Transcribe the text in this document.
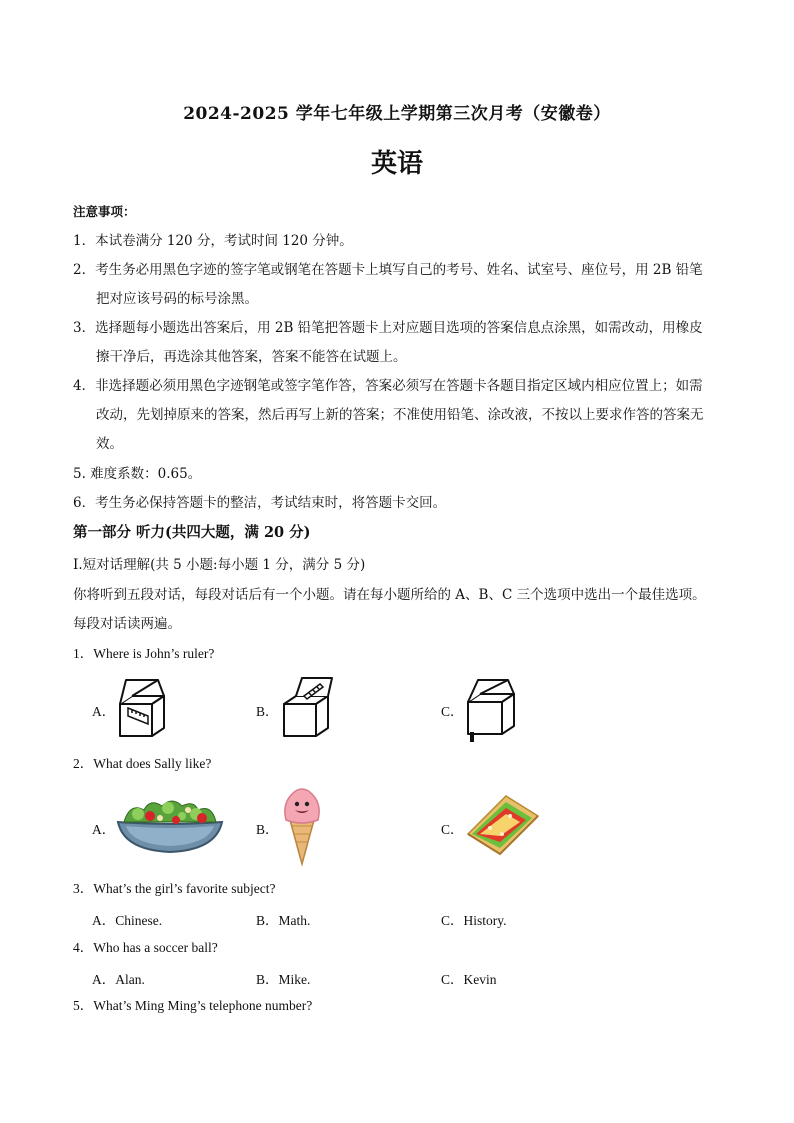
2024-2025 学年七年级上学期第三次月考（安徽卷）
英语
注意事项：
1．本试卷满分 120 分，考试时间 120 分钟。
2．考生务必用黑色字迹的签字笔或钢笔在答题卡上填写自己的考号、姓名、试室号、座位号，用 2B 铅笔
把对应该号码的标号涂黑。
3．选择题每小题选出答案后，用 2B 铅笔把答题卡上对应题目选项的答案信息点涂黑，如需改动，用橡皮
擦干净后，再选涂其他答案，答案不能答在试题上。
4．非选择题必须用黑色字迹钢笔或签字笔作答，答案必须写在答题卡各题目指定区域内相应位置上；如需
改动，先划掉原来的答案，然后再写上新的答案；不准使用铅笔、涂改液，不按以上要求作答的答案无
效。
5. 难度系数：0.65。
6．考生务必保持答题卡的整洁，考试结束时，将答题卡交回。
第一部分 听力(共四大题，满 20 分)
Ⅰ.短对话理解(共 5 小题:每小题 1 分，满分 5 分)
你将听到五段对话，每段对话后有一个小题。请在每小题所给的 A、B、C 三个选项中选出一个最佳选项。
每段对话读两遍。
1．Where is John’s ruler?
A．	B．	C．
2．What does Sally like?
A．	B．	C．
3．What’s the girl’s favorite subject?
A．Chinese.	B．Math.	C．History.
4．Who has a soccer ball?
A．Alan.	B．Mike.	C．Kevin
5．What’s Ming Ming’s telephone number?
